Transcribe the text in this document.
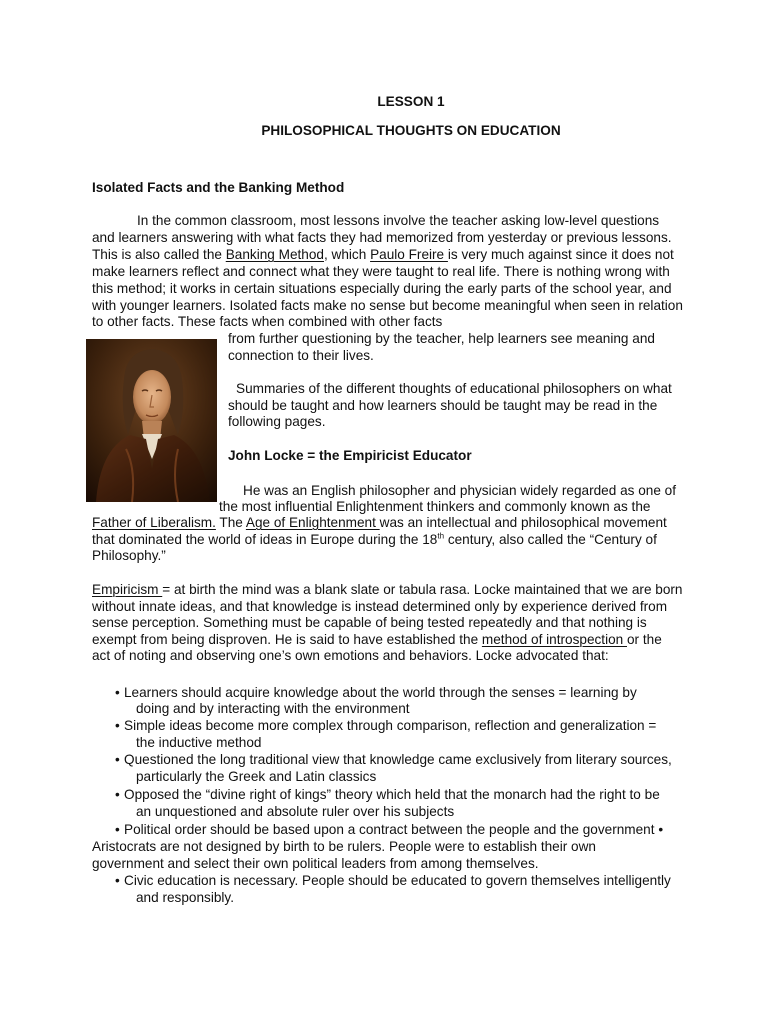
LESSON 1
PHILOSOPHICAL THOUGHTS ON EDUCATION
Isolated Facts and the Banking Method
In the common classroom, most lessons involve the teacher asking low-level questions
and learners answering with what facts they had memorized from yesterday or previous lessons.
This is also called the Banking Method, which Paulo Freire is very much against since it does not
make learners reflect and connect what they were taught to real life. There is nothing wrong with
this method; it works in certain situations especially during the early parts of the school year, and
with younger learners. Isolated facts make no sense but become meaningful when seen in relation
to other facts. These facts when combined with other facts
from further questioning by the teacher, help learners see meaning and
connection to their lives.
Summaries of the different thoughts of educational philosophers on what
should be taught and how learners should be taught may be read in the
following pages.
John Locke = the Empiricist Educator
He was an English philosopher and physician widely regarded as one of
the most influential Enlightenment thinkers and commonly known as the
Father of Liberalism. The Age of Enlightenment was an intellectual and philosophical movement
that dominated the world of ideas in Europe during the 18th century, also called the “Century of
Philosophy.”
Empiricism = at birth the mind was a blank slate or tabula rasa. Locke maintained that we are born
without innate ideas, and that knowledge is instead determined only by experience derived from
sense perception. Something must be capable of being tested repeatedly and that nothing is
exempt from being disproven. He is said to have established the method of introspection or the
act of noting and observing one’s own emotions and behaviors. Locke advocated that:
• Learners should acquire knowledge about the world through the senses = learning by
doing and by interacting with the environment
• Simple ideas become more complex through comparison, reflection and generalization =
the inductive method
• Questioned the long traditional view that knowledge came exclusively from literary sources,
particularly the Greek and Latin classics
• Opposed the “divine right of kings” theory which held that the monarch had the right to be
an unquestioned and absolute ruler over his subjects
• Political order should be based upon a contract between the people and the government •
Aristocrats are not designed by birth to be rulers. People were to establish their own
government and select their own political leaders from among themselves.
• Civic education is necessary. People should be educated to govern themselves intelligently
and responsibly.
